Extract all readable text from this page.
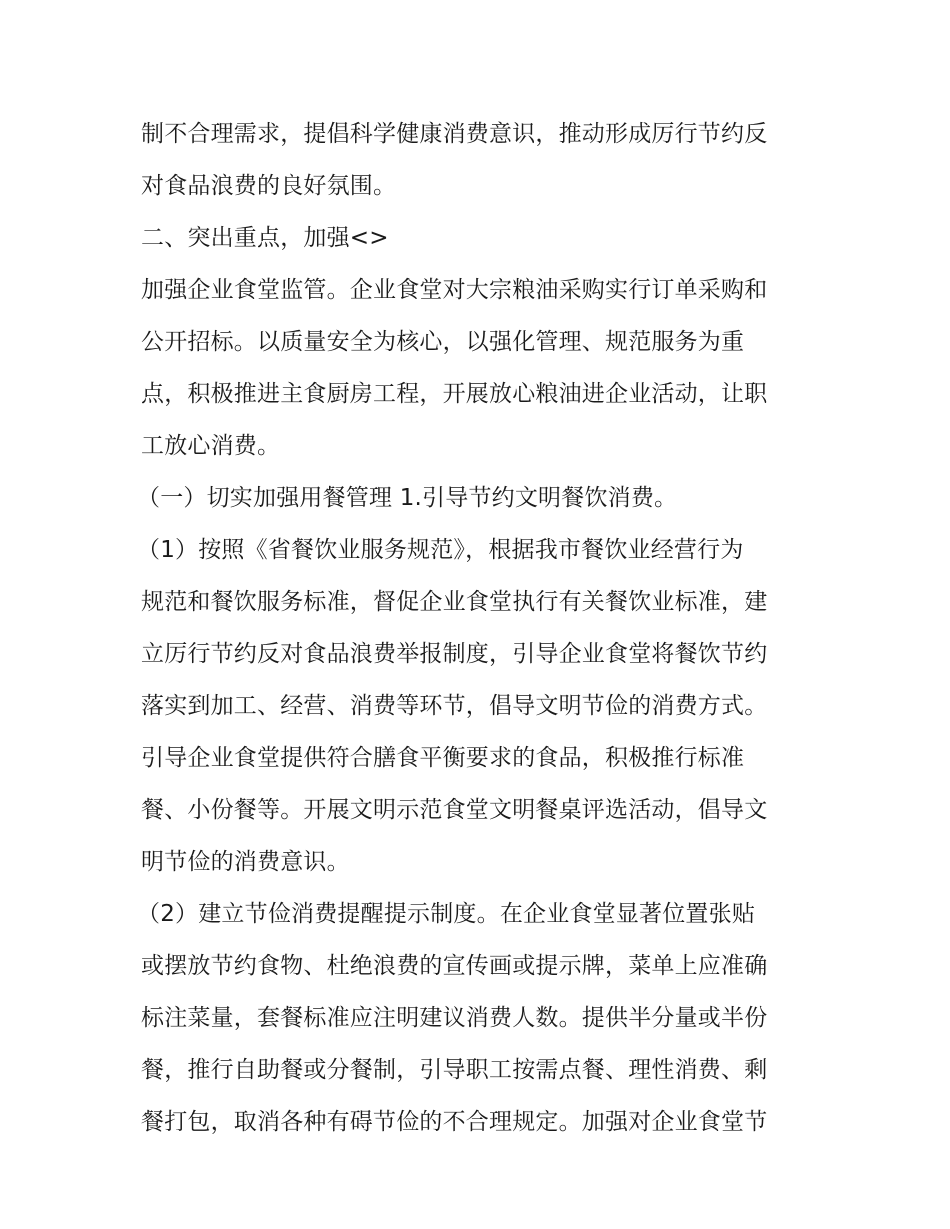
制不合理需求，提倡科学健康消费意识，推动形成厉行节约反
对食品浪费的良好氛围。
二、突出重点，加强<>
加强企业食堂监管。企业食堂对大宗粮油采购实行订单采购和
公开招标。以质量安全为核心，以强化管理、规范服务为重
点，积极推进主食厨房工程，开展放心粮油进企业活动，让职
工放心消费。
（一）切实加强用餐管理 1.引导节约文明餐饮消费。
（1）按照《省餐饮业服务规范》，根据我市餐饮业经营行为
规范和餐饮服务标准，督促企业食堂执行有关餐饮业标准，建
立厉行节约反对食品浪费举报制度，引导企业食堂将餐饮节约
落实到加工、经营、消费等环节，倡导文明节俭的消费方式。
引导企业食堂提供符合膳食平衡要求的食品，积极推行标准
餐、小份餐等。开展文明示范食堂文明餐桌评选活动，倡导文
明节俭的消费意识。
（2）建立节俭消费提醒提示制度。在企业食堂显著位置张贴
或摆放节约食物、杜绝浪费的宣传画或提示牌，菜单上应准确
标注菜量，套餐标准应注明建议消费人数。提供半分量或半份
餐，推行自助餐或分餐制，引导职工按需点餐、理性消费、剩
餐打包，取消各种有碍节俭的不合理规定。加强对企业食堂节
